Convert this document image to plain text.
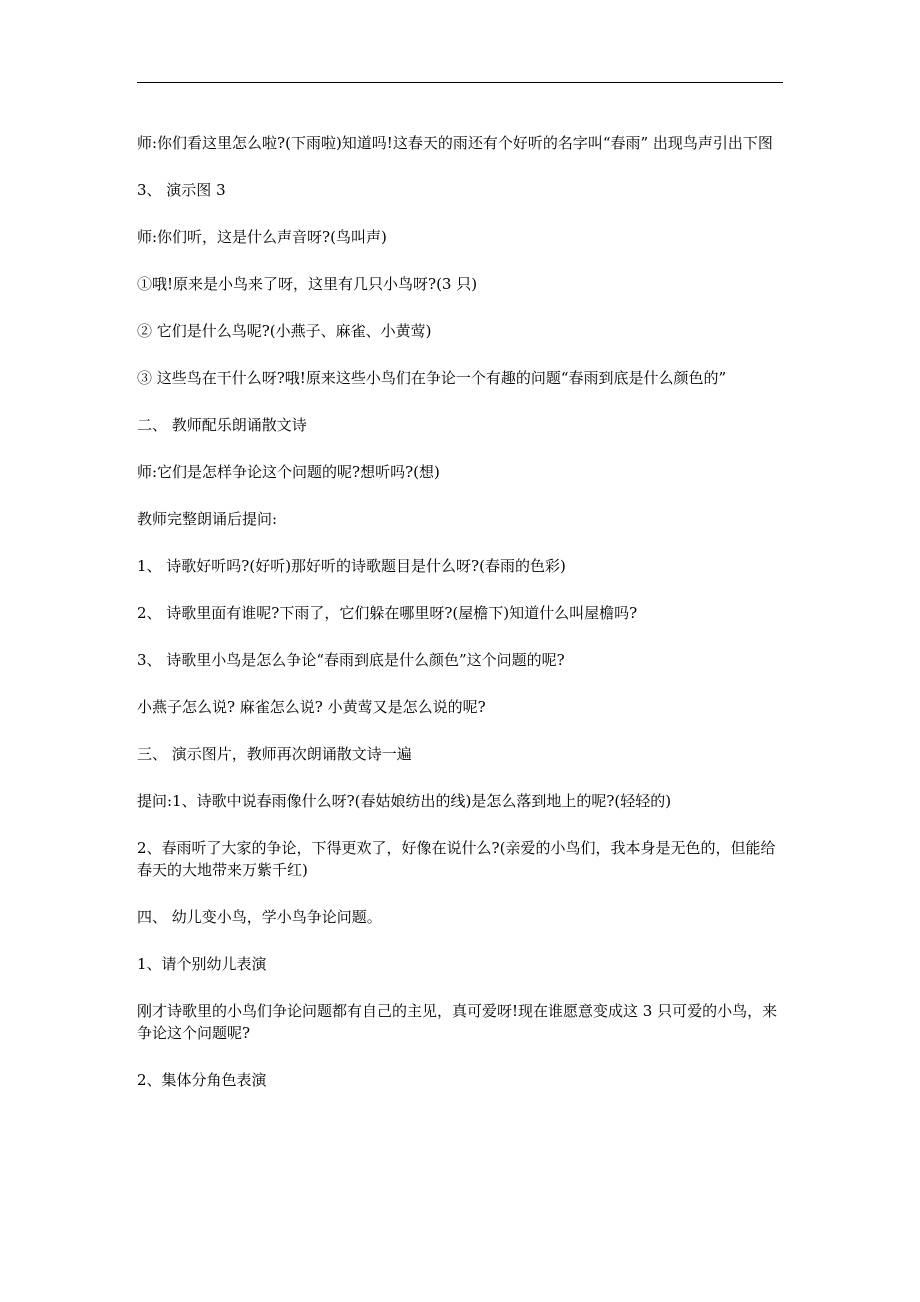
师:你们看这里怎么啦?(下雨啦)知道吗!这春天的雨还有个好听的名字叫“春雨” 出现鸟声引出下图

3、 演示图 3

师:你们听，这是什么声音呀?(鸟叫声)

①哦!原来是小鸟来了呀，这里有几只小鸟呀?(3 只)

② 它们是什么鸟呢?(小燕子、麻雀、小黄莺)

③ 这些鸟在干什么呀?哦!原来这些小鸟们在争论一个有趣的问题“春雨到底是什么颜色的”

二、 教师配乐朗诵散文诗

师:它们是怎样争论这个问题的呢?想听吗?(想)

教师完整朗诵后提问:

1、 诗歌好听吗?(好听)那好听的诗歌题目是什么呀?(春雨的色彩)

2、 诗歌里面有谁呢?下雨了，它们躲在哪里呀?(屋檐下)知道什么叫屋檐吗?

3、 诗歌里小鸟是怎么争论“春雨到底是什么颜色”这个问题的呢?

小燕子怎么说? 麻雀怎么说? 小黄莺又是怎么说的呢?

三、 演示图片，教师再次朗诵散文诗一遍

提问:1、诗歌中说春雨像什么呀?(春姑娘纺出的线)是怎么落到地上的呢?(轻轻的)

2、春雨听了大家的争论，下得更欢了，好像在说什么?(亲爱的小鸟们，我本身是无色的，但能给春天的大地带来万紫千红)

四、 幼儿变小鸟，学小鸟争论问题。

1、请个别幼儿表演

刚才诗歌里的小鸟们争论问题都有自己的主见，真可爱呀!现在谁愿意变成这 3 只可爱的小鸟，来争论这个问题呢?

2、集体分角色表演
